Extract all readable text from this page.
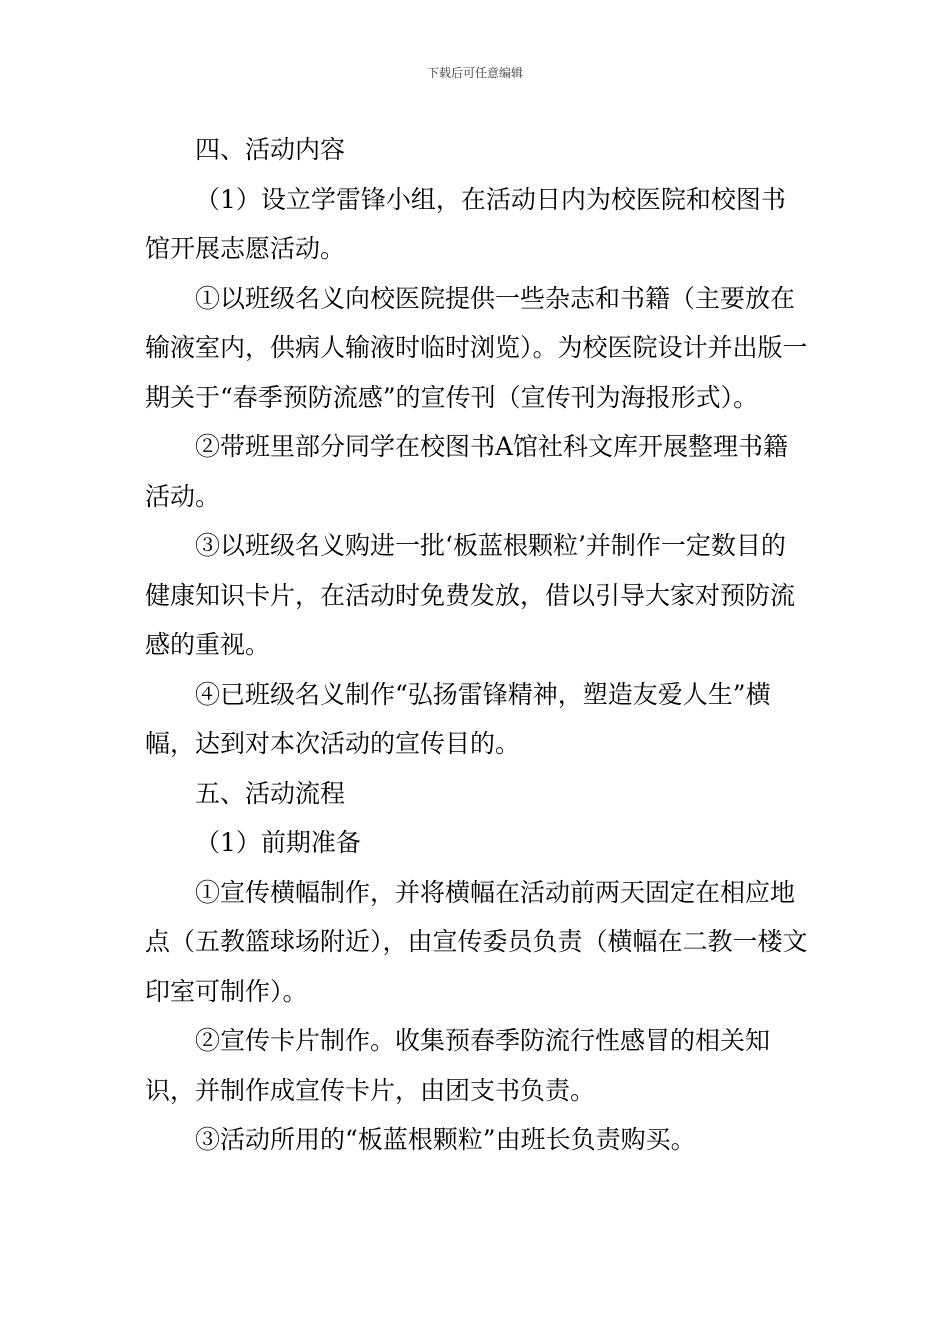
下载后可任意编辑

四、活动内容

（1）设立学雷锋小组，在活动日内为校医院和校图书馆开展志愿活动。

①以班级名义向校医院提供一些杂志和书籍（主要放在输液室内，供病人输液时临时浏览）。为校医院设计并出版一期关于“春季预防流感”的宣传刊（宣传刊为海报形式）。

②带班里部分同学在校图书A馆社科文库开展整理书籍活动。

③以班级名义购进一批‘板蓝根颗粒’并制作一定数目的健康知识卡片，在活动时免费发放，借以引导大家对预防流感的重视。

④已班级名义制作“弘扬雷锋精神，塑造友爱人生”横幅，达到对本次活动的宣传目的。

五、活动流程

（1）前期准备

①宣传横幅制作，并将横幅在活动前两天固定在相应地点（五教篮球场附近），由宣传委员负责（横幅在二教一楼文印室可制作）。

②宣传卡片制作。收集预春季防流行性感冒的相关知识，并制作成宣传卡片，由团支书负责。

③活动所用的“板蓝根颗粒”由班长负责购买。
